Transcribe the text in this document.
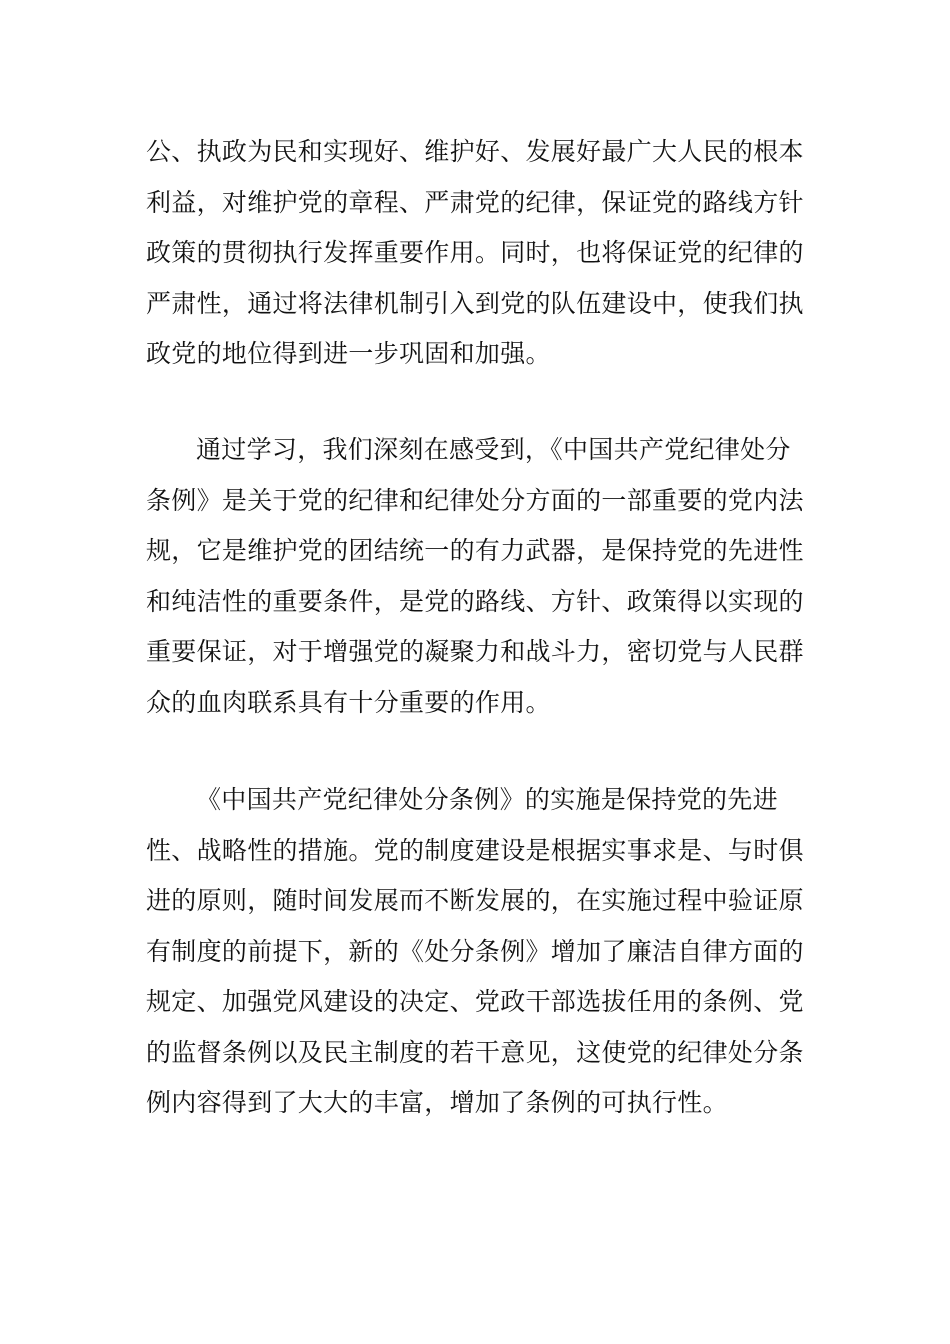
公、执政为民和实现好、维护好、发展好最广大人民的根本利益，对维护党的章程、严肃党的纪律，保证党的路线方针政策的贯彻执行发挥重要作用。同时，也将保证党的纪律的严肃性，通过将法律机制引入到党的队伍建设中，使我们执政党的地位得到进一步巩固和加强。

通过学习，我们深刻在感受到，《中国共产党纪律处分条例》是关于党的纪律和纪律处分方面的一部重要的党内法规，它是维护党的团结统一的有力武器，是保持党的先进性和纯洁性的重要条件，是党的路线、方针、政策得以实现的重要保证，对于增强党的凝聚力和战斗力，密切党与人民群众的血肉联系具有十分重要的作用。

《中国共产党纪律处分条例》的实施是保持党的先进性、战略性的措施。党的制度建设是根据实事求是、与时俱进的原则，随时间发展而不断发展的，在实施过程中验证原有制度的前提下，新的《处分条例》增加了廉洁自律方面的规定、加强党风建设的决定、党政干部选拔任用的条例、党的监督条例以及民主制度的若干意见，这使党的纪律处分条例内容得到了大大的丰富，增加了条例的可执行性。
